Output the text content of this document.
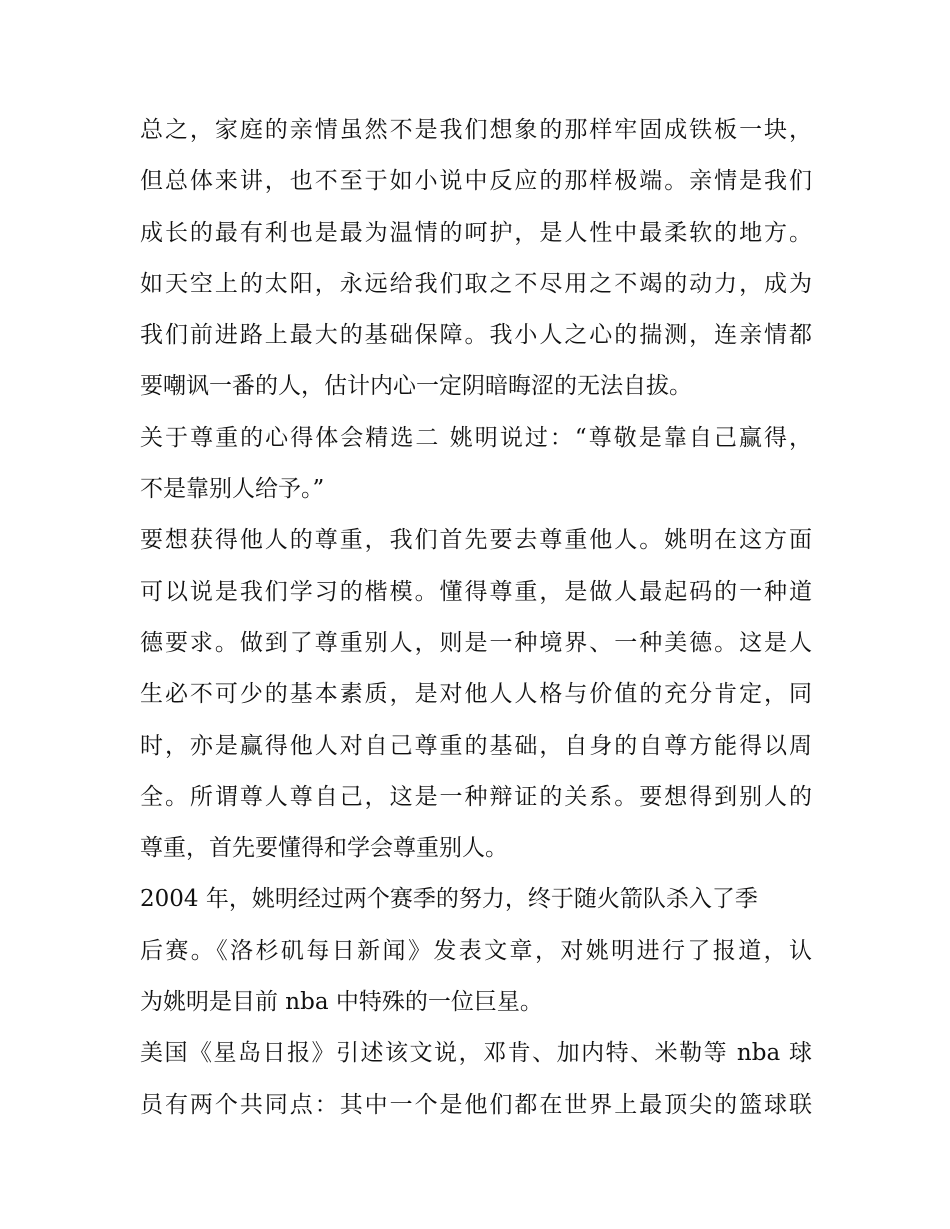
总之，家庭的亲情虽然不是我们想象的那样牢固成铁板一块，
但总体来讲，也不至于如小说中反应的那样极端。亲情是我们
成长的最有利也是最为温情的呵护，是人性中最柔软的地方。
如天空上的太阳，永远给我们取之不尽用之不竭的动力，成为
我们前进路上最大的基础保障。我小人之心的揣测，连亲情都
要嘲讽一番的人，估计内心一定阴暗晦涩的无法自拔。
关于尊重的心得体会精选二 姚明说过：“尊敬是靠自己赢得，
不是靠别人给予。”
要想获得他人的尊重，我们首先要去尊重他人。姚明在这方面
可以说是我们学习的楷模。懂得尊重，是做人最起码的一种道
德要求。做到了尊重别人，则是一种境界、一种美德。这是人
生必不可少的基本素质，是对他人人格与价值的充分肯定，同
时，亦是赢得他人对自己尊重的基础，自身的自尊方能得以周
全。所谓尊人尊自己，这是一种辩证的关系。要想得到别人的
尊重，首先要懂得和学会尊重别人。
2004 年，姚明经过两个赛季的努力，终于随火箭队杀入了季
后赛。《洛杉矶每日新闻》发表文章，对姚明进行了报道，认
为姚明是目前 nba 中特殊的一位巨星。
美国《星岛日报》引述该文说，邓肯、加内特、米勒等 nba 球
员有两个共同点：其中一个是他们都在世界上最顶尖的篮球联
